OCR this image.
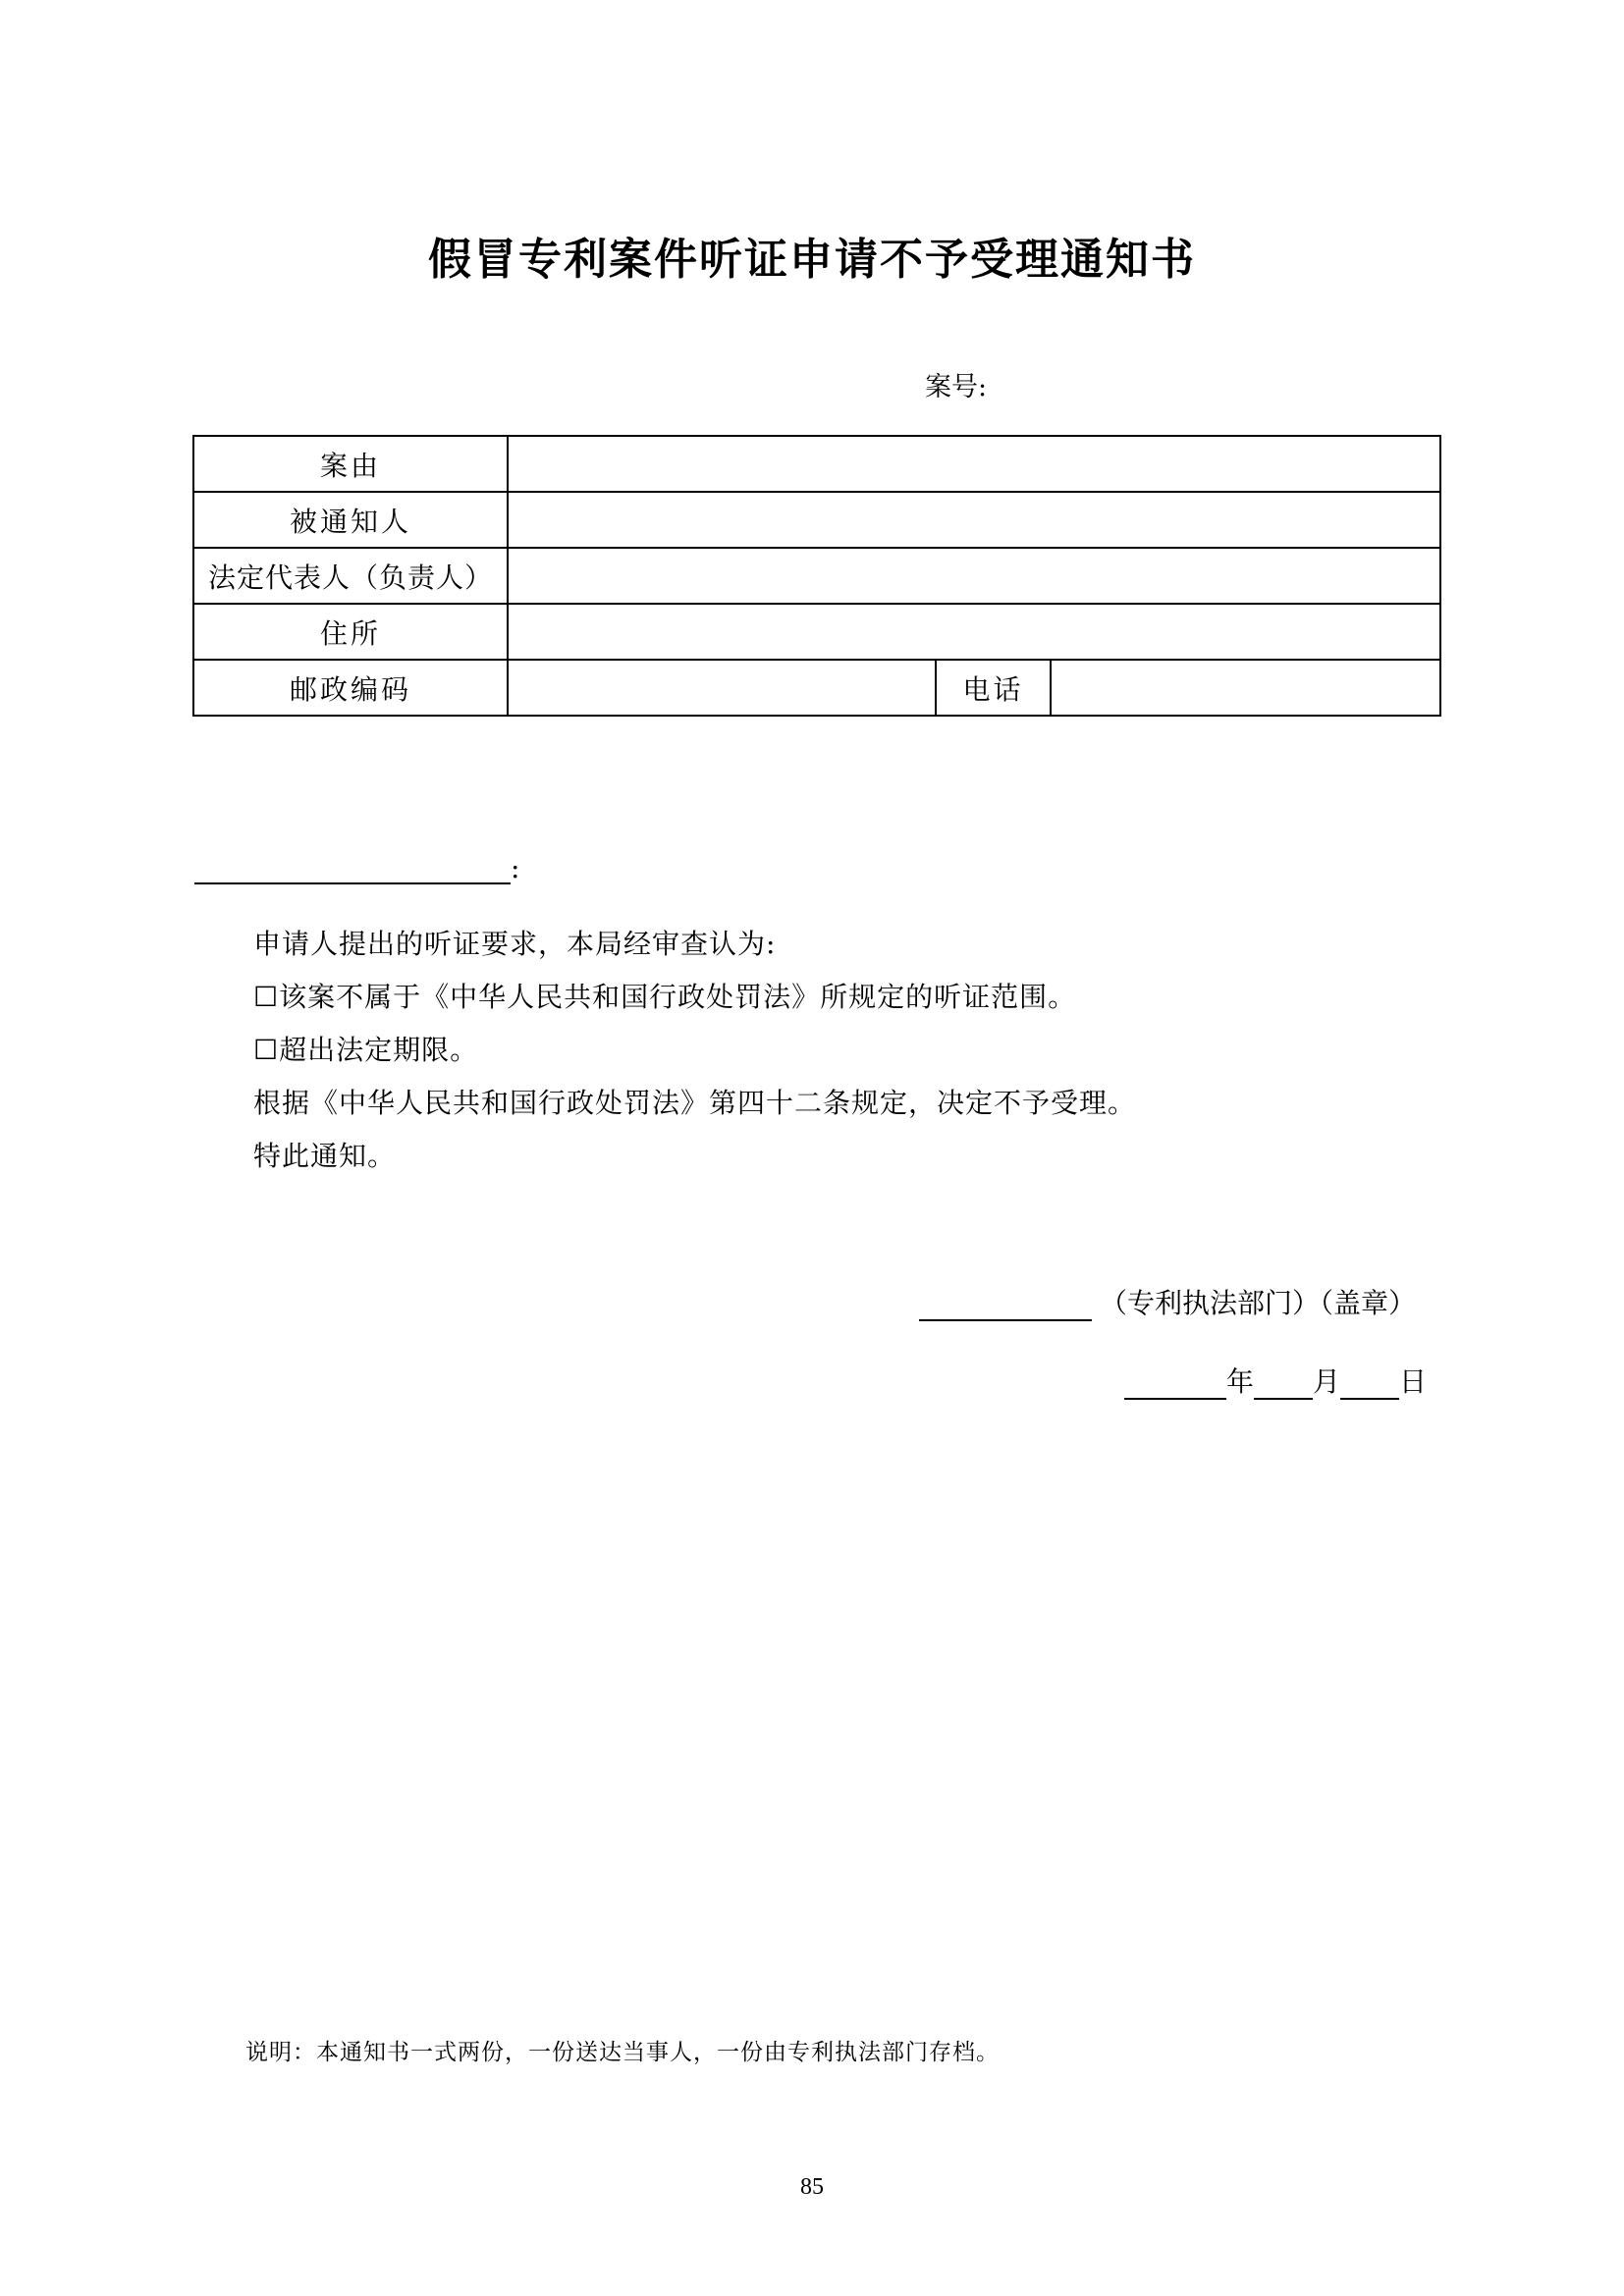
假冒专利案件听证申请不予受理通知书
案号:
案由			
被通知人			
法定代表人（负责人）			
住所			
邮政编码		电话	
:
申请人提出的听证要求，本局经审查认为:
☐该案不属于《中华人民共和国行政处罚法》所规定的听证范围。
☐超出法定期限。
根据《中华人民共和国行政处罚法》第四十二条规定，决定不予受理。
特此通知。
（专利执法部门）（盖章）
年 月 日
说明：本通知书一式两份，一份送达当事人，一份由专利执法部门存档。
85
